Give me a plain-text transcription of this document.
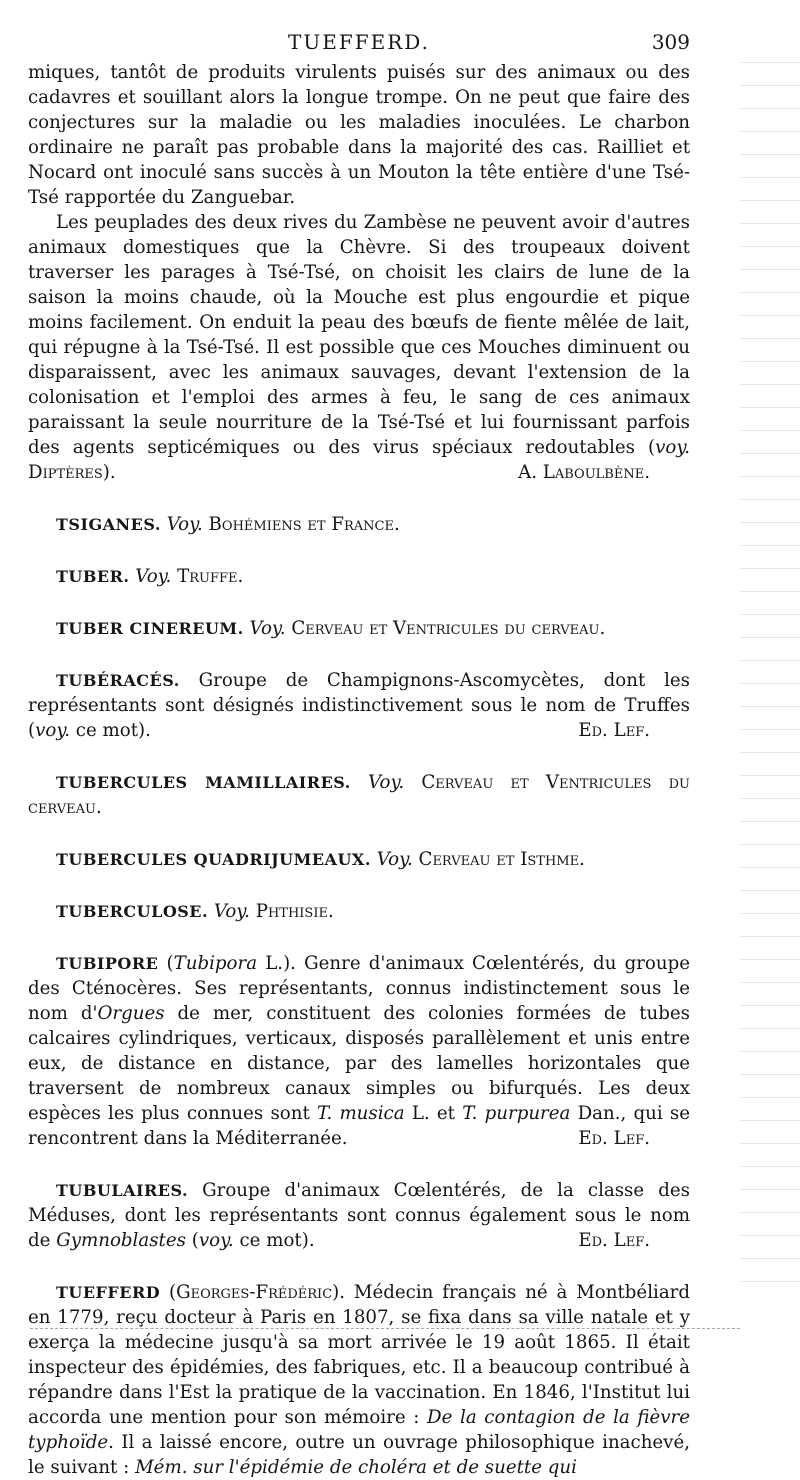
TUEFFERD.	309

miques, tantôt de produits virulents puisés sur des animaux ou des cadavres et souillant alors la longue trompe. On ne peut que faire des conjectures sur la maladie ou les maladies inoculées. Le charbon ordinaire ne paraît pas probable dans la majorité des cas. Railliet et Nocard ont inoculé sans succès à un Mouton la tête entière d'une Tsé-Tsé rapportée du Zanguebar.

Les peuplades des deux rives du Zambèse ne peuvent avoir d'autres animaux domestiques que la Chèvre. Si des troupeaux doivent traverser les parages à Tsé-Tsé, on choisit les clairs de lune de la saison la moins chaude, où la Mouche est plus engourdie et pique moins facilement. On enduit la peau des bœufs de fiente mêlée de lait, qui répugne à la Tsé-Tsé. Il est possible que ces Mouches diminuent ou disparaissent, avec les animaux sauvages, devant l'extension de la colonisation et l'emploi des armes à feu, le sang de ces animaux paraissant la seule nourriture de la Tsé-Tsé et lui fournissant parfois des agents septicémiques ou des virus spéciaux redoutables (voy. Diptères).	A. Laboulbène.

TSIGANES. Voy. Bohémiens et France.

TUBER. Voy. Truffe.

TUBER CINEREUM. Voy. Cerveau et Ventricules du cerveau.

TUBÉRACÉS. Groupe de Champignons-Ascomycètes, dont les représentants sont désignés indistinctivement sous le nom de Truffes (voy. ce mot).	Ed. Lef.

TUBERCULES MAMILLAIRES. Voy. Cerveau et Ventricules du cerveau.

TUBERCULES QUADRIJUMEAUX. Voy. Cerveau et Isthme.

TUBERCULOSE. Voy. Phthisie.

TUBIPORE (Tubipora L.). Genre d'animaux Cœlentérés, du groupe des Cténocères. Ses représentants, connus indistinctement sous le nom d'Orgues de mer, constituent des colonies formées de tubes calcaires cylindriques, verticaux, disposés parallèlement et unis entre eux, de distance en distance, par des lamelles horizontales que traversent de nombreux canaux simples ou bifurqués. Les deux espèces les plus connues sont T. musica L. et T. purpurea Dan., qui se rencontrent dans la Méditerranée.	Ed. Lef.

TUBULAIRES. Groupe d'animaux Cœlentérés, de la classe des Méduses, dont les représentants sont connus également sous le nom de Gymnoblastes (voy. ce mot).	Ed. Lef.

TUEFFERD (Georges-Frédéric). Médecin français né à Montbéliard en 1779, reçu docteur à Paris en 1807, se fixa dans sa ville natale et y exerça la médecine jusqu'à sa mort arrivée le 19 août 1865. Il était inspecteur des épidémies, des fabriques, etc. Il a beaucoup contribué à répandre dans l'Est la pratique de la vaccination. En 1846, l'Institut lui accorda une mention pour son mémoire : De la contagion de la fièvre typhoïde. Il a laissé encore, outre un ouvrage philosophique inachevé, le suivant : Mém. sur l'épidémie de choléra et de suette qui
